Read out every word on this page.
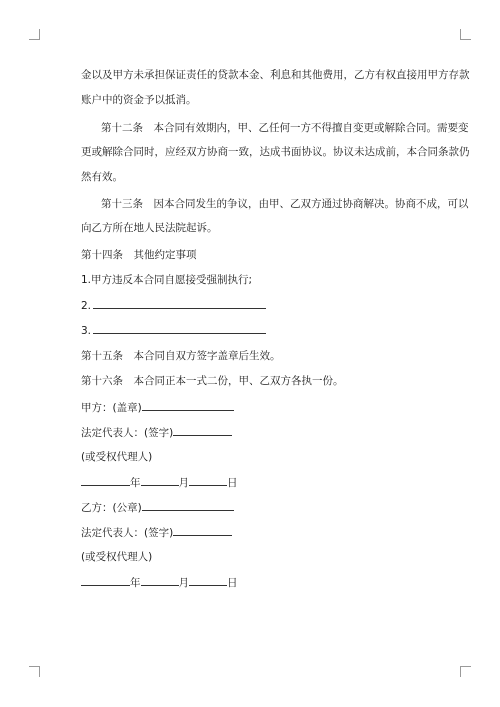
金以及甲方未承担保证责任的贷款本金、利息和其他费用，乙方有权直接用甲方存款
账户中的资金予以抵消。
第十二条　本合同有效期内，甲、乙任何一方不得擅自变更或解除合同。需要变
更或解除合同时，应经双方协商一致，达成书面协议。协议未达成前，本合同条款仍
然有效。
第十三条　因本合同发生的争议，由甲、乙双方通过协商解决。协商不成，可以
向乙方所在地人民法院起诉。
第十四条　其他约定事项
1.甲方违反本合同自愿接受强制执行;
2.
3.
第十五条　本合同自双方签字盖章后生效。
第十六条　本合同正本一式二份，甲、乙双方各执一份。
甲方：(盖章)
法定代表人：(签字)
(或受权代理人)
年	月	日
乙方：(公章)
法定代表人：(签字)
(或受权代理人)
年	月	日
